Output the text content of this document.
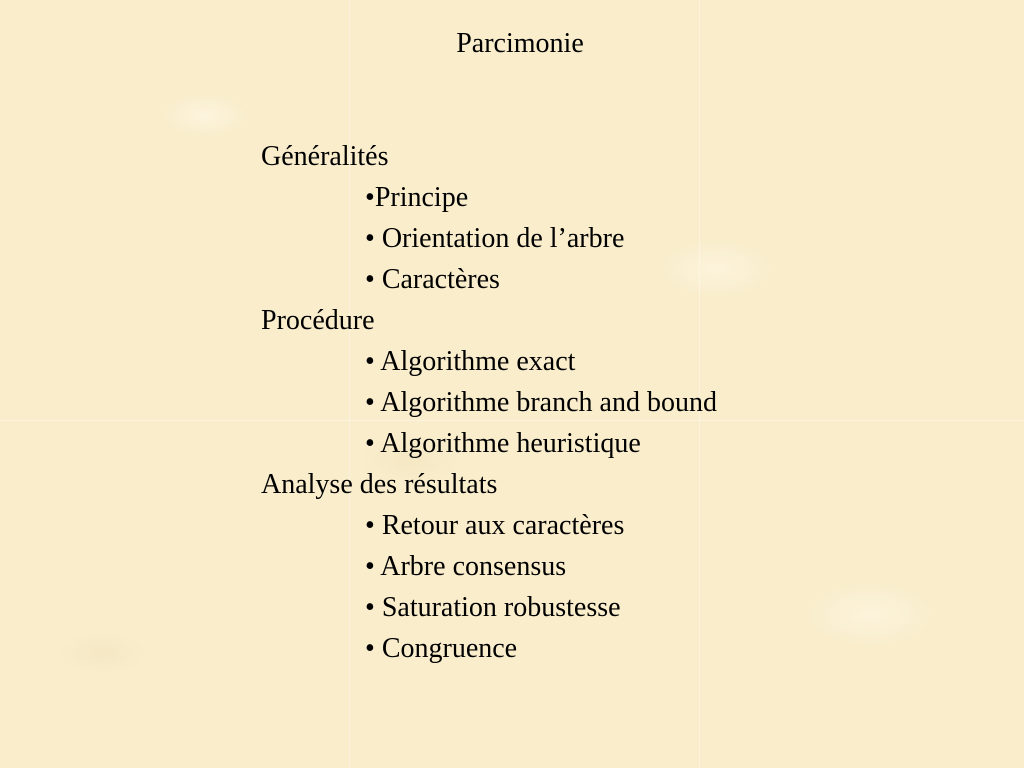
Parcimonie
Généralités
•Principe
• Orientation de l’arbre
• Caractères
Procédure
• Algorithme exact
• Algorithme branch and bound
• Algorithme heuristique
Analyse des résultats
• Retour aux caractères
• Arbre consensus
• Saturation robustesse
• Congruence
